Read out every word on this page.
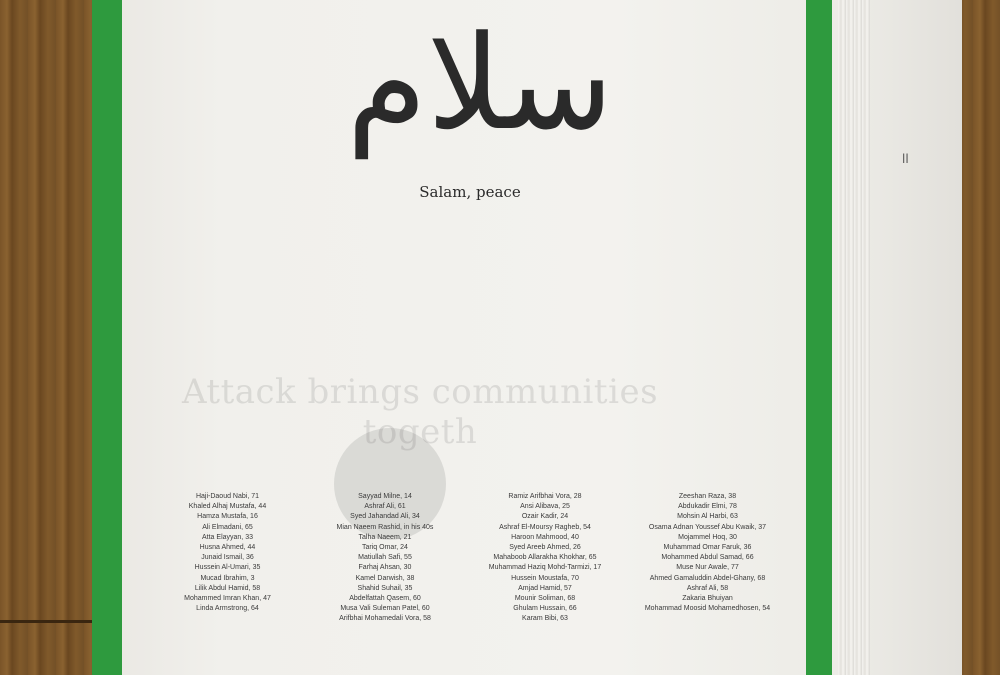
Attack brings communities togeth
سلام
Salam, peace
ll
Haji-Daoud Nabi, 71
Khaled Alhaj Mustafa, 44
Hamza Mustafa, 16
Ali Elmadani, 65
Atta Elayyan, 33
Husna Ahmed, 44
Junaid Ismail, 36
Hussein Al-Umari, 35
Mucad Ibrahim, 3
Lilik Abdul Hamid, 58
Mohammed Imran Khan, 47
Linda Armstrong, 64
Sayyad Milne, 14
Ashraf Ali, 61
Syed Jahandad Ali, 34
Mian Naeem Rashid, in his 40s
Talha Naeem, 21
Tariq Omar, 24
Matiullah Safi, 55
Farhaj Ahsan, 30
Kamel Darwish, 38
Shahid Suhail, 35
Abdelfattah Qasem, 60
Musa Vali Suleman Patel, 60
Arifbhai Mohamedali Vora, 58
Ramiz Arifbhai Vora, 28
Ansi Alibava, 25
Ozair Kadir, 24
Ashraf El-Moursy Ragheb, 54
Haroon Mahmood, 40
Syed Areeb Ahmed, 26
Mahaboob Allarakha Khokhar, 65
Muhammad Haziq Mohd-Tarmizi, 17
Hussein Moustafa, 70
Amjad Hamid, 57
Mounir Soliman, 68
Ghulam Hussain, 66
Karam Bibi, 63
Zeeshan Raza, 38
Abdukadir Elmi, 78
Mohsin Al Harbi, 63
Osama Adnan Youssef Abu Kwaik, 37
Mojammel Hoq, 30
Muhammad Omar Faruk, 36
Mohammed Abdul Samad, 66
Muse Nur Awale, 77
Ahmed Gamaluddin Abdel-Ghany, 68
Ashraf Ali, 58
Zakaria Bhuiyan
Mohammad Moosid Mohamedhosen, 54
